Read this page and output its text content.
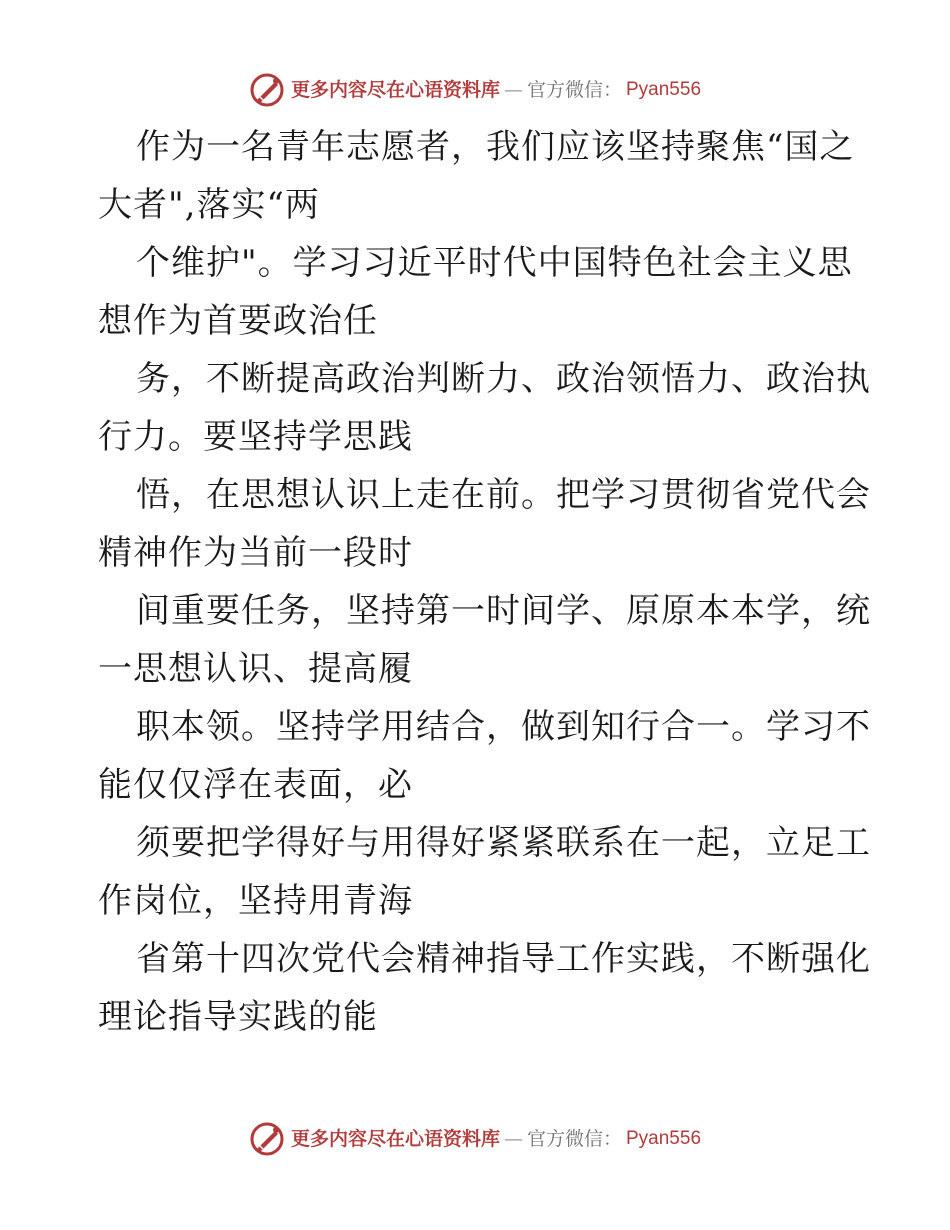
更多内容尽在心语资料库 — 官方微信： Pyan556
作为一名青年志愿者，我们应该坚持聚焦“国之
大者",落实“两
个维护"。学习习近平时代中国特色社会主义思
想作为首要政治任
务，不断提高政治判断力、政治领悟力、政治执
行力。要坚持学思践
悟，在思想认识上走在前。把学习贯彻省党代会
精神作为当前一段时
间重要任务，坚持第一时间学、原原本本学，统
一思想认识、提高履
职本领。坚持学用结合，做到知行合一。学习不
能仅仅浮在表面，必
须要把学得好与用得好紧紧联系在一起，立足工
作岗位，坚持用青海
省第十四次党代会精神指导工作实践，不断强化
理论指导实践的能
更多内容尽在心语资料库 — 官方微信： Pyan556
